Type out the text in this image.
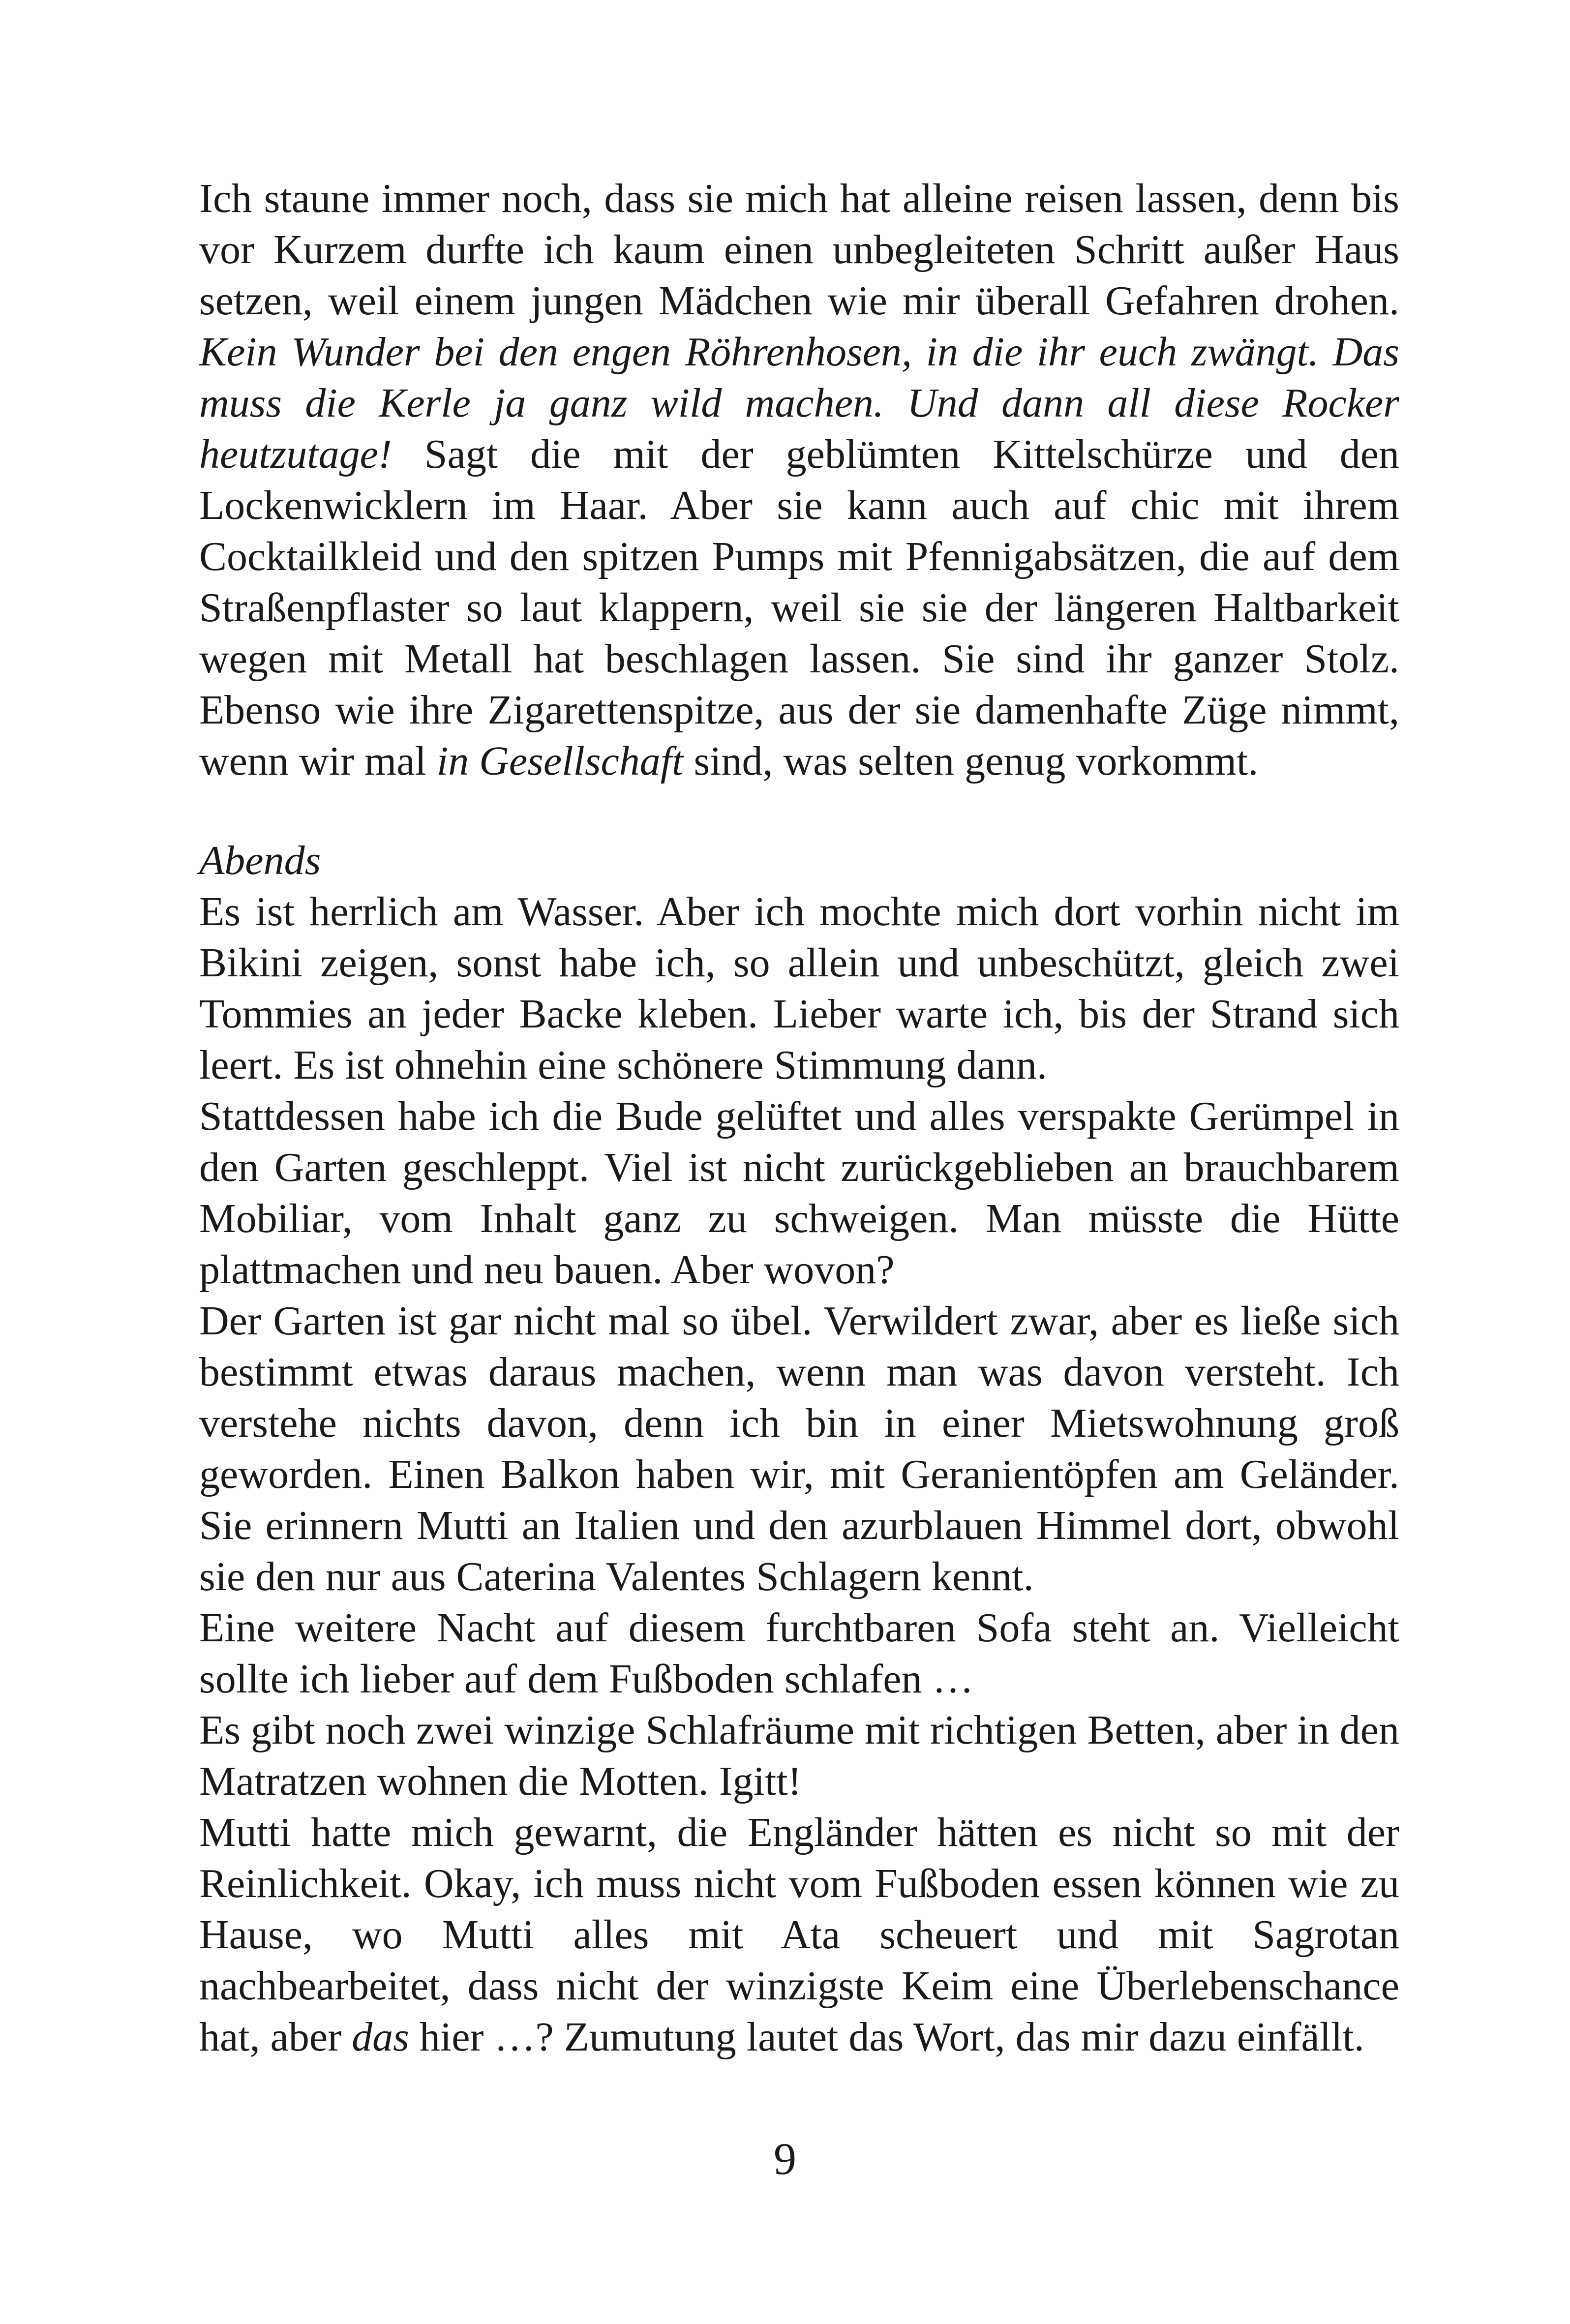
Ich staune immer noch, dass sie mich hat alleine reisen lassen, denn bis vor Kurzem durfte ich kaum einen unbegleiteten Schritt außer Haus setzen, weil einem jungen Mädchen wie mir überall Gefahren drohen. Kein Wunder bei den engen Röhrenhosen, in die ihr euch zwängt. Das muss die Kerle ja ganz wild machen. Und dann all diese Rocker heutzutage! Sagt die mit der geblümten Kittelschürze und den Lockenwicklern im Haar. Aber sie kann auch auf chic mit ihrem Cocktailkleid und den spitzen Pumps mit Pfennigabsätzen, die auf dem Straßenpflaster so laut klappern, weil sie sie der längeren Haltbarkeit wegen mit Metall hat beschlagen lassen. Sie sind ihr ganzer Stolz. Ebenso wie ihre Zigarettenspitze, aus der sie damenhafte Züge nimmt, wenn wir mal in Gesellschaft sind, was selten genug vorkommt.

Abends

Es ist herrlich am Wasser. Aber ich mochte mich dort vorhin nicht im Bikini zeigen, sonst habe ich, so allein und unbeschützt, gleich zwei Tommies an jeder Backe kleben. Lieber warte ich, bis der Strand sich leert. Es ist ohnehin eine schönere Stimmung dann.

Stattdessen habe ich die Bude gelüftet und alles verspakte Gerümpel in den Garten geschleppt. Viel ist nicht zurückgeblieben an brauchbarem Mobiliar, vom Inhalt ganz zu schweigen. Man müsste die Hütte plattmachen und neu bauen. Aber wovon?

Der Garten ist gar nicht mal so übel. Verwildert zwar, aber es ließe sich bestimmt etwas daraus machen, wenn man was davon versteht. Ich verstehe nichts davon, denn ich bin in einer Mietswohnung groß geworden. Einen Balkon haben wir, mit Geranientöpfen am Geländer. Sie erinnern Mutti an Italien und den azurblauen Himmel dort, obwohl sie den nur aus Caterina Valentes Schlagern kennt.

Eine weitere Nacht auf diesem furchtbaren Sofa steht an. Vielleicht sollte ich lieber auf dem Fußboden schlafen …

Es gibt noch zwei winzige Schlafräume mit richtigen Betten, aber in den Matratzen wohnen die Motten. Igitt!

Mutti hatte mich gewarnt, die Engländer hätten es nicht so mit der Reinlichkeit. Okay, ich muss nicht vom Fußboden essen können wie zu Hause, wo Mutti alles mit Ata scheuert und mit Sagrotan nachbearbeitet, dass nicht der winzigste Keim eine Überlebenschance hat, aber das hier …? Zumutung lautet das Wort, das mir dazu einfällt.

9
